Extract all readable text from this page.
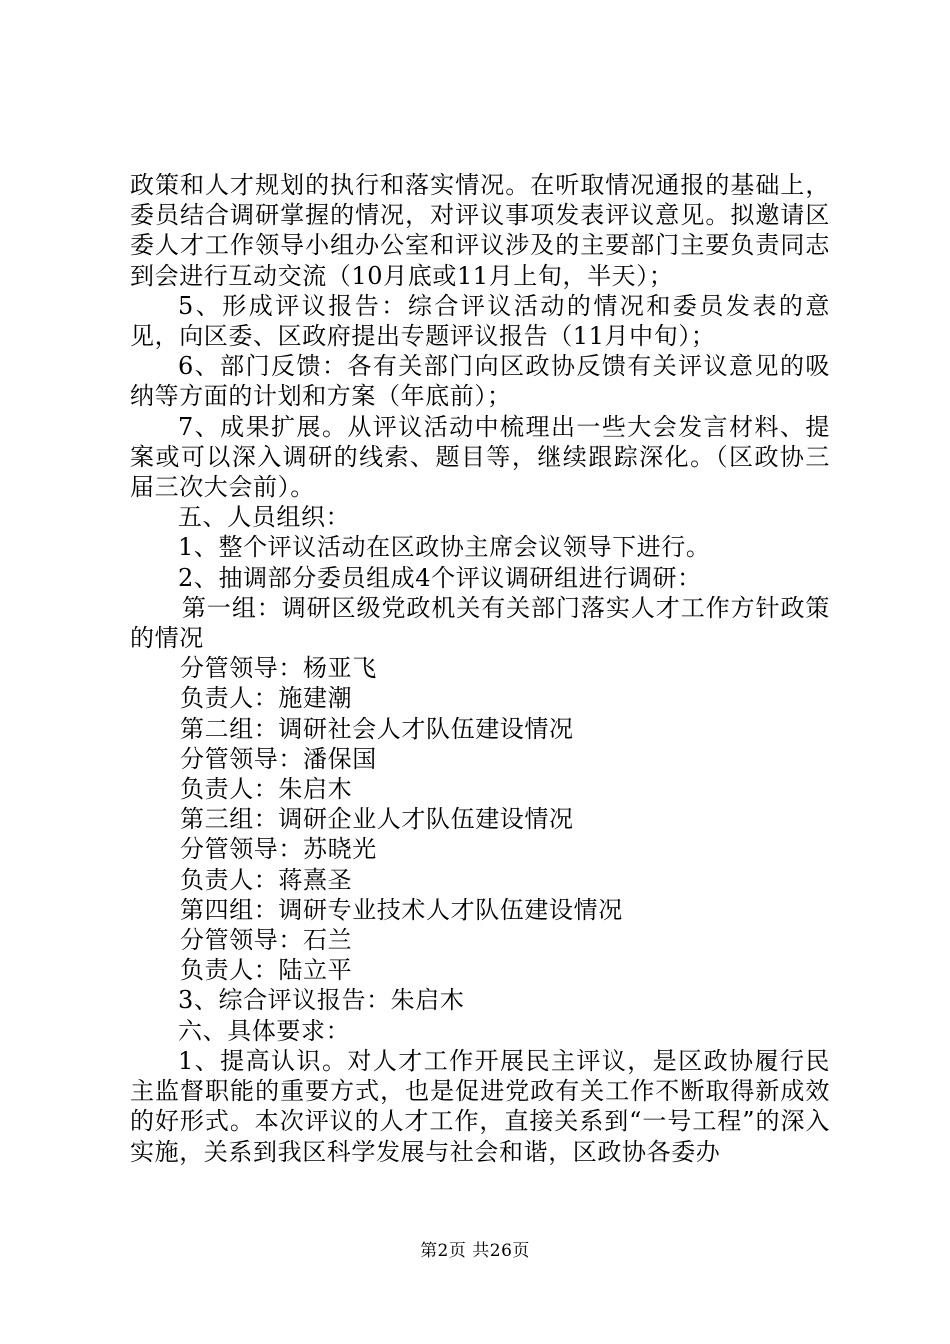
政策和人才规划的执行和落实情况。在听取情况通报的基础上，委员结合调研掌握的情况，对评议事项发表评议意见。拟邀请区委人才工作领导小组办公室和评议涉及的主要部门主要负责同志到会进行互动交流（10月底或11月上旬，半天）；

5、形成评议报告：综合评议活动的情况和委员发表的意见，向区委、区政府提出专题评议报告（11月中旬）；

6、部门反馈：各有关部门向区政协反馈有关评议意见的吸纳等方面的计划和方案（年底前）；

7、成果扩展。从评议活动中梳理出一些大会发言材料、提案或可以深入调研的线索、题目等，继续跟踪深化。（区政协三届三次大会前）。

五、人员组织：

1、整个评议活动在区政协主席会议领导下进行。

2、抽调部分委员组成4个评议调研组进行调研：

第一组：调研区级党政机关有关部门落实人才工作方针政策的情况

分管领导：杨亚飞

负责人：施建潮

第二组：调研社会人才队伍建设情况

分管领导：潘保国

负责人：朱启木

第三组：调研企业人才队伍建设情况

分管领导：苏晓光

负责人：蒋熹圣

第四组：调研专业技术人才队伍建设情况

分管领导：石兰

负责人：陆立平

3、综合评议报告：朱启木

六、具体要求：

1、提高认识。对人才工作开展民主评议，是区政协履行民主监督职能的重要方式，也是促进党政有关工作不断取得新成效的好形式。本次评议的人才工作，直接关系到“一号工程”的深入实施，关系到我区科学发展与社会和谐，区政协各委办

第2页 共26页
